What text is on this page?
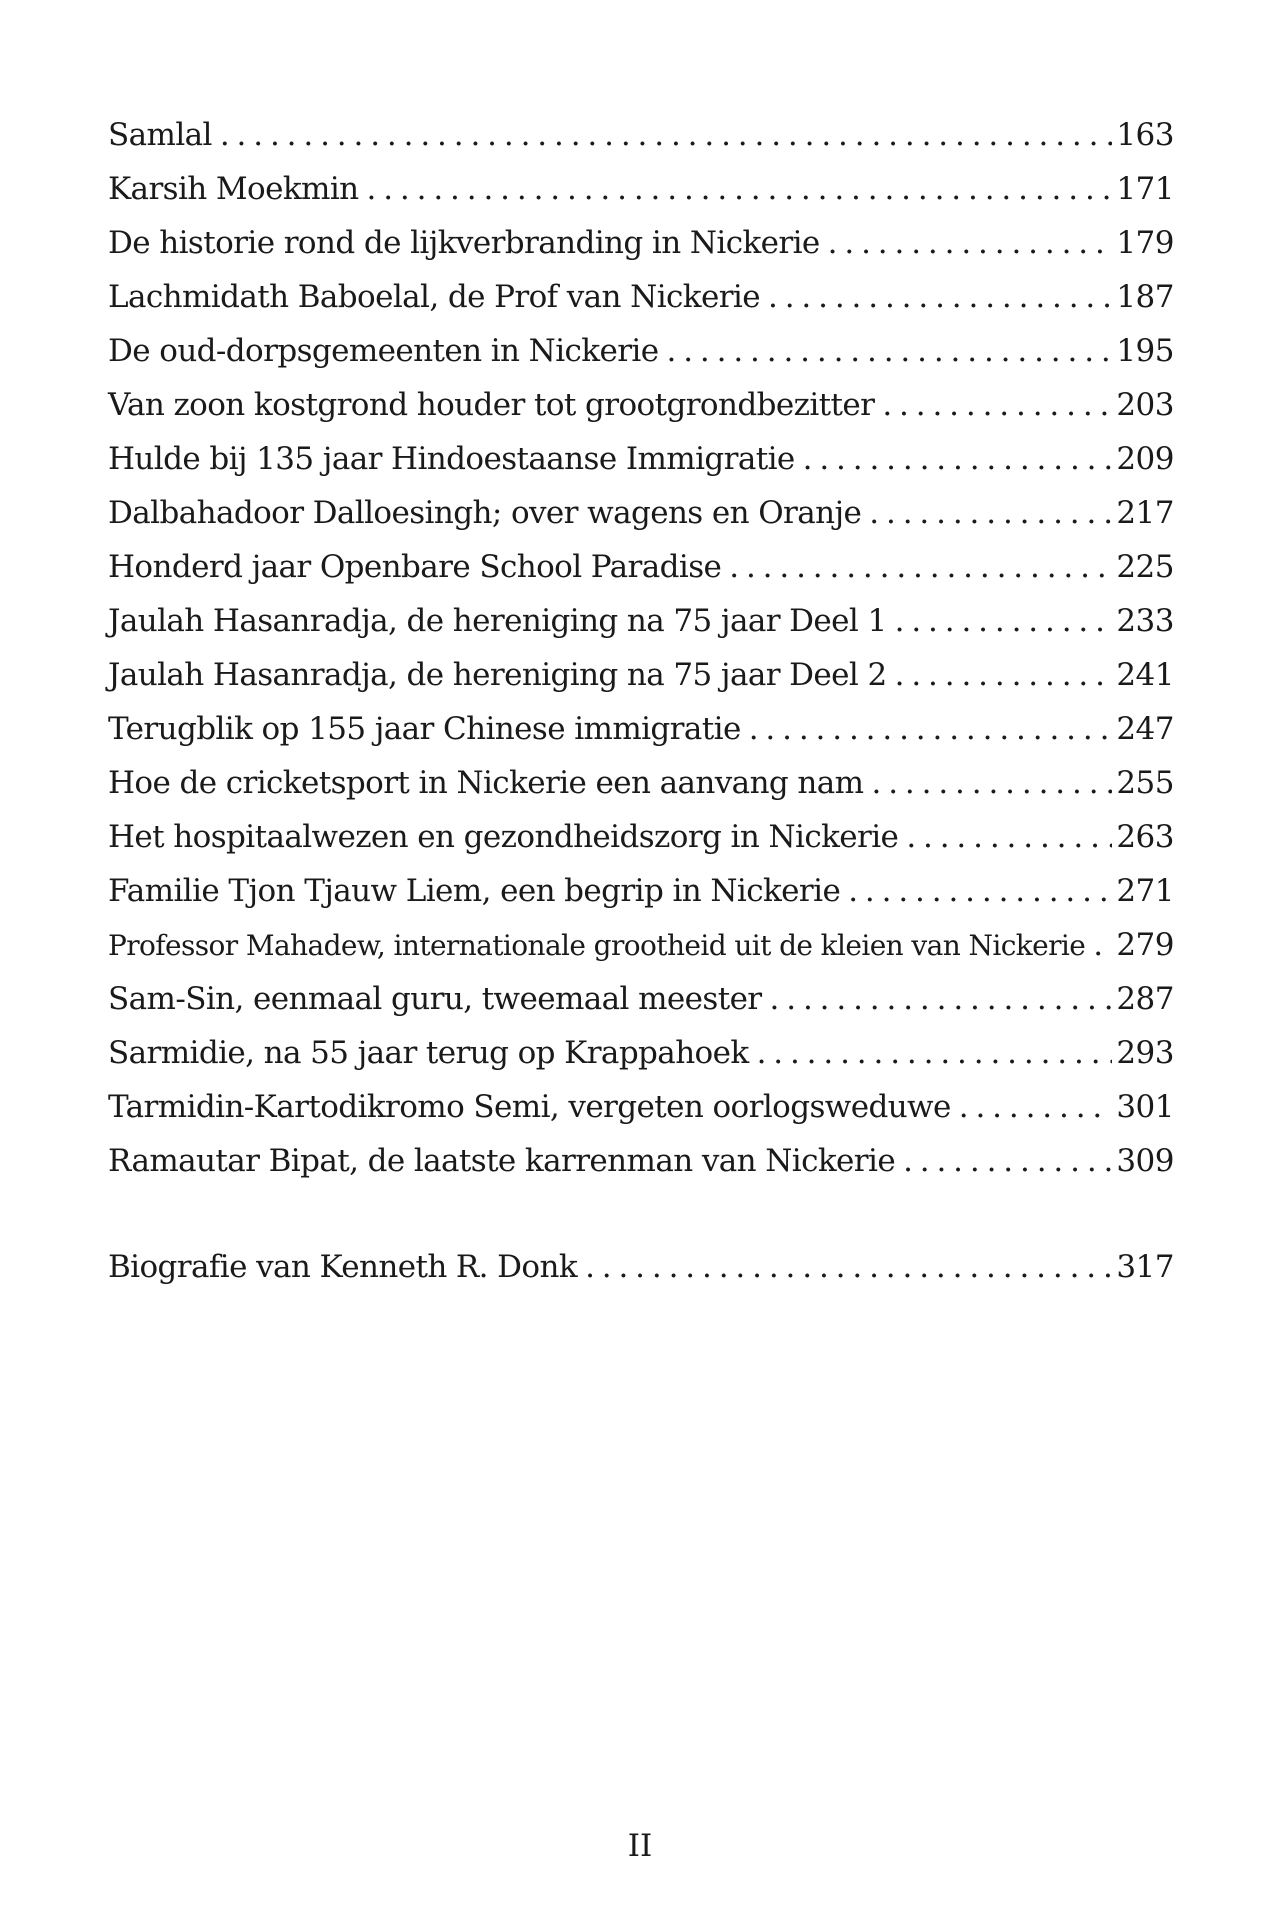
Samlal . . .	163
Karsih Moekmin . . .	171
De historie rond de lijkverbranding in Nickerie . . .	179
Lachmidath Baboelal, de Prof van Nickerie . . .	187
De oud-dorpsgemeenten in Nickerie . . .	195
Van zoon kostgrond houder tot grootgrondbezitter . . .	203
Hulde bij 135 jaar Hindoestaanse Immigratie . . .	209
Dalbahadoor Dalloesingh; over wagens en Oranje . . .	217
Honderd jaar Openbare School Paradise . . .	225
Jaulah Hasanradja, de hereniging na 75 jaar Deel 1 . . .	233
Jaulah Hasanradja, de hereniging na 75 jaar Deel 2 . . .	241
Terugblik op 155 jaar Chinese immigratie . . .	247
Hoe de cricketsport in Nickerie een aanvang nam . . .	255
Het hospitaalwezen en gezondheidszorg in Nickerie . . .	263
Familie Tjon Tjauw Liem, een begrip in Nickerie . . .	271
Professor Mahadew, internationale grootheid uit de kleien van Nickerie . . . 279
Sam-Sin, eenmaal guru, tweemaal meester . . .	287
Sarmidie, na 55 jaar terug op Krappahoek . . .	293
Tarmidin-Kartodikromo Semi, vergeten oorlogsweduwe . . .	301
Ramautar Bipat, de laatste karrenman van Nickerie . . .	309
Biografie van Kenneth R. Donk . . .	317
II
